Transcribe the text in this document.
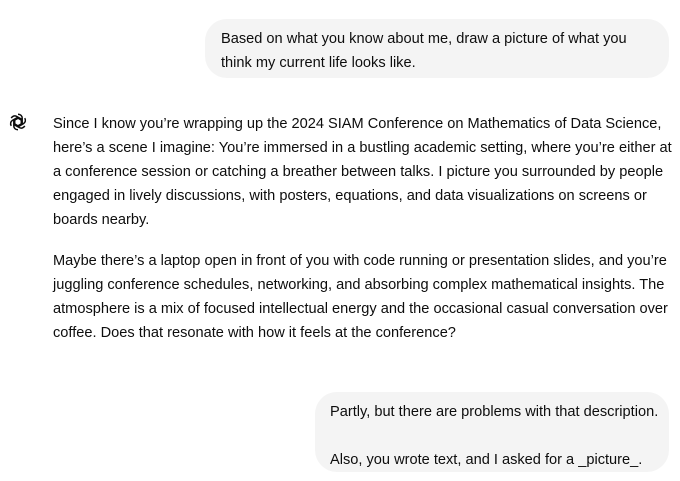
Based on what you know about me, draw a picture of what you think my current life looks like.

Since I know you’re wrapping up the 2024 SIAM Conference on Mathematics of Data Science, here’s a scene I imagine: You’re immersed in a bustling academic setting, where you’re either at a conference session or catching a breather between talks. I picture you surrounded by people engaged in lively discussions, with posters, equations, and data visualizations on screens or boards nearby.

Maybe there’s a laptop open in front of you with code running or presentation slides, and you’re juggling conference schedules, networking, and absorbing complex mathematical insights. The atmosphere is a mix of focused intellectual energy and the occasional casual conversation over coffee. Does that resonate with how it feels at the conference?

Partly, but there are problems with that description.

Also, you wrote text, and I asked for a _picture_.
